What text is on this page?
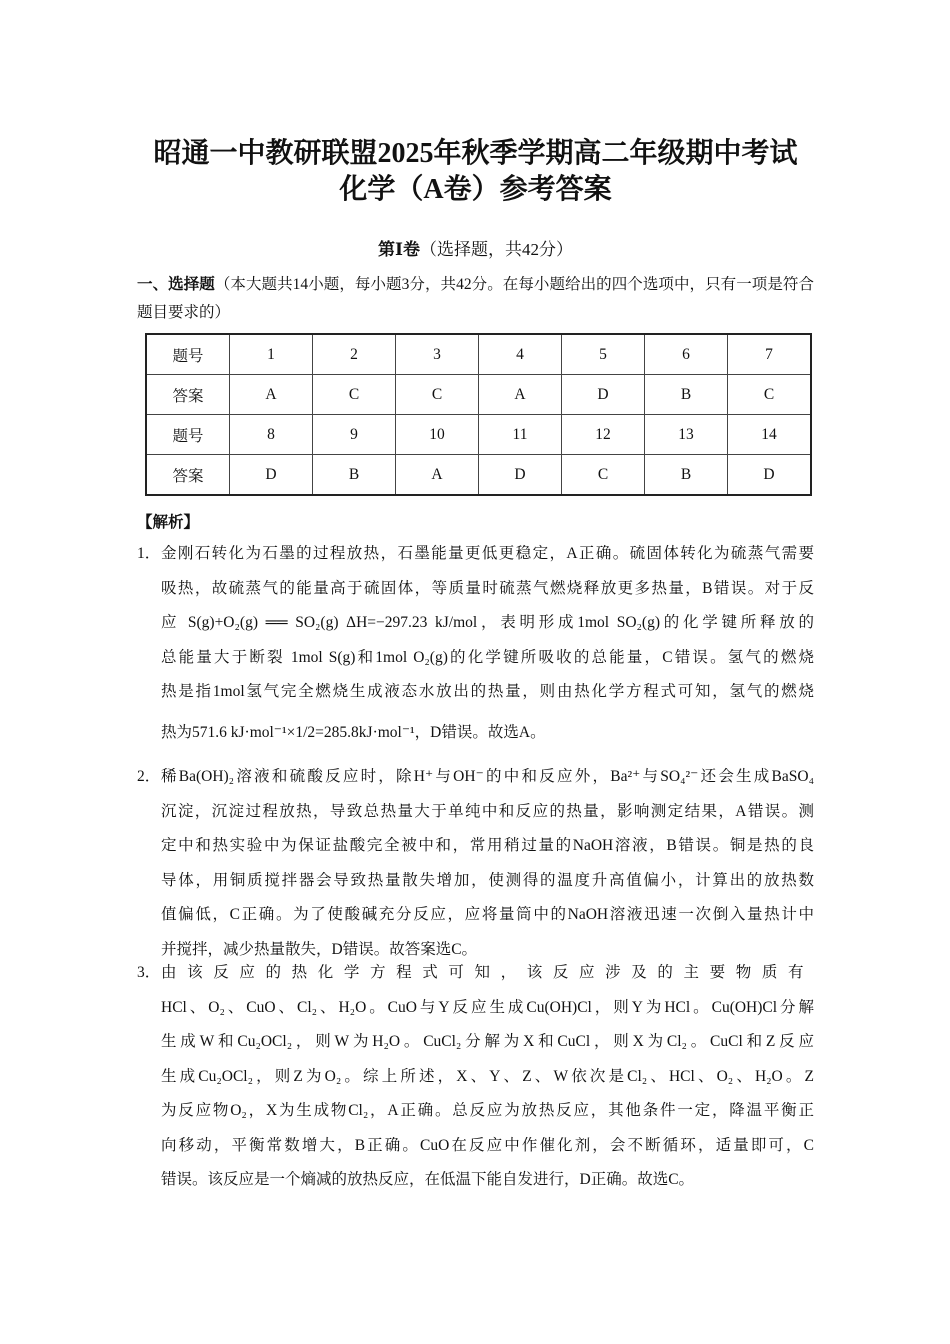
昭通一中教研联盟2025年秋季学期高二年级期中考试
化学（A卷）参考答案
第Ⅰ卷（选择题，共42分）
一、选择题（本大题共14小题，每小题3分，共42分。在每小题给出的四个选项中，只有一项是符合题目要求的）
题号	1	2	3	4	5	6	7
答案	A	C	C	A	D	B	C
题号	8	9	10	11	12	13	14
答案	D	B	A	D	C	B	D
【解析】
1． 金刚石转化为石墨的过程放热，石墨能量更低更稳定，A正确。硫固体转化为硫蒸气需要
吸热，故硫蒸气的能量高于硫固体，等质量时硫蒸气燃烧释放更多热量，B错误。对于反
应 S(g)+O₂(g) ══ SO₂(g) ΔH=−297.23 kJ/mol，表明形成1mol SO₂(g)的化学键所释放的
总能量大于断裂 1mol S(g)和1mol O₂(g)的化学键所吸收的总能量，C错误。氢气的燃烧
热是指1mol氢气完全燃烧生成液态水放出的热量，则由热化学方程式可知，氢气的燃烧
热为571.6 kJ·mol⁻¹×1/2=285.8kJ·mol⁻¹，D错误。故选A。
2． 稀Ba(OH)₂溶液和硫酸反应时，除H⁺与OH⁻的中和反应外，Ba²⁺与SO₄²⁻还会生成BaSO₄
沉淀，沉淀过程放热，导致总热量大于单纯中和反应的热量，影响测定结果，A错误。测
定中和热实验中为保证盐酸完全被中和，常用稍过量的NaOH溶液，B错误。铜是热的良
导体，用铜质搅拌器会导致热量散失增加，使测得的温度升高值偏小，计算出的放热数
值偏低，C正确。为了使酸碱充分反应，应将量筒中的NaOH溶液迅速一次倒入量热计中
并搅拌，减少热量散失，D错误。故答案选C。
3． 由该反应的热化学方程式可知，该反应涉及的主要物质有
HCl、O₂、CuO、Cl₂、H₂O。CuO与Y反应生成Cu(OH)Cl，则Y为HCl。Cu(OH)Cl分解
生成W和Cu₂OCl₂，则W为H₂O。CuCl₂分解为X和CuCl，则X为Cl₂。CuCl和Z反应
生成Cu₂OCl₂，则Z为O₂。综上所述，X、Y、Z、W依次是Cl₂、HCl、O₂、H₂O。Z
为反应物O₂，X为生成物Cl₂，A正确。总反应为放热反应，其他条件一定，降温平衡正
向移动，平衡常数增大，B正确。CuO在反应中作催化剂，会不断循环，适量即可，C
错误。该反应是一个熵减的放热反应，在低温下能自发进行，D正确。故选C。
